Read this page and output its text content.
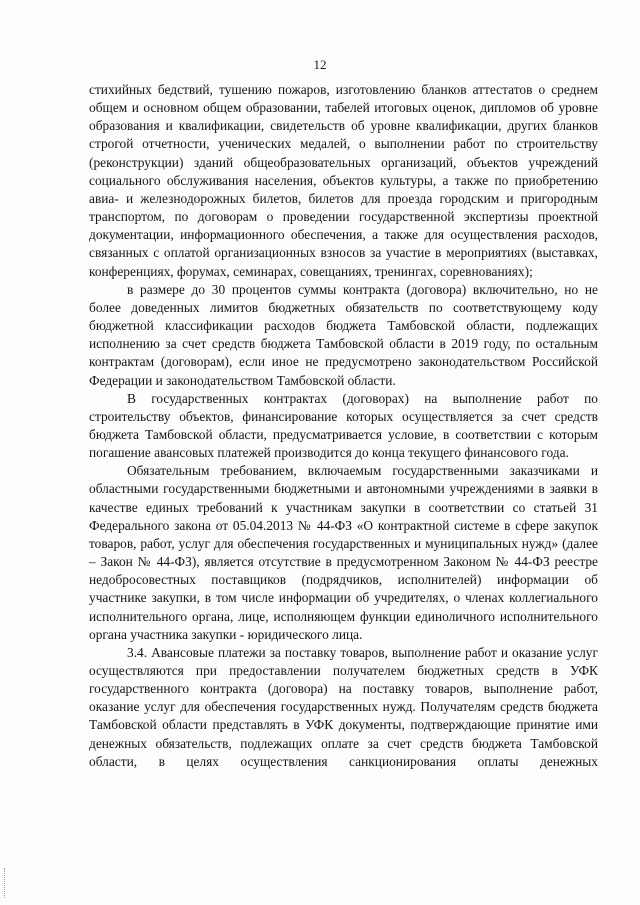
12

стихийных бедствий, тушению пожаров, изготовлению бланков аттестатов о среднем общем и основном общем образовании, табелей итоговых оценок, дипломов об уровне образования и квалификации, свидетельств об уровне квалификации, других бланков строгой отчетности, ученических медалей, о выполнении работ по строительству (реконструкции) зданий общеобразовательных организаций, объектов учреждений социального обслуживания населения, объектов культуры, а также по приобретению авиа- и железнодорожных билетов, билетов для проезда городским и пригородным транспортом, по договорам о проведении государственной экспертизы проектной документации, информационного обеспечения, а также для осуществления расходов, связанных с оплатой организационных взносов за участие в мероприятиях (выставках, конференциях, форумах, семинарах, совещаниях, тренингах, соревнованиях);

в размере до 30 процентов суммы контракта (договора) включительно, но не более доведенных лимитов бюджетных обязательств по соответствующему коду бюджетной классификации расходов бюджета Тамбовской области, подлежащих исполнению за счет средств бюджета Тамбовской области в 2019 году, по остальным контрактам (договорам), если иное не предусмотрено законодательством Российской Федерации и законодательством Тамбовской области.

В государственных контрактах (договорах) на выполнение работ по строительству объектов, финансирование которых осуществляется за счет средств бюджета Тамбовской области, предусматривается условие, в соответствии с которым погашение авансовых платежей производится до конца текущего финансового года.

Обязательным требованием, включаемым государственными заказчиками и областными государственными бюджетными и автономными учреждениями в заявки в качестве единых требований к участникам закупки в соответствии со статьей 31 Федерального закона от 05.04.2013 № 44-ФЗ «О контрактной системе в сфере закупок товаров, работ, услуг для обеспечения государственных и муниципальных нужд» (далее – Закон № 44-ФЗ), является отсутствие в предусмотренном Законом № 44-ФЗ реестре недобросовестных поставщиков (подрядчиков, исполнителей) информации об участнике закупки, в том числе информации об учредителях, о членах коллегиального исполнительного органа, лице, исполняющем функции единоличного исполнительного органа участника закупки - юридического лица.

3.4. Авансовые платежи за поставку товаров, выполнение работ и оказание услуг осуществляются при предоставлении получателем бюджетных средств в УФК государственного контракта (договора) на поставку товаров, выполнение работ, оказание услуг для обеспечения государственных нужд. Получателям средств бюджета Тамбовской области представлять в УФК документы, подтверждающие принятие ими денежных обязательств, подлежащих оплате за счет средств бюджета Тамбовской области, в целях осуществления санкционирования оплаты денежных
